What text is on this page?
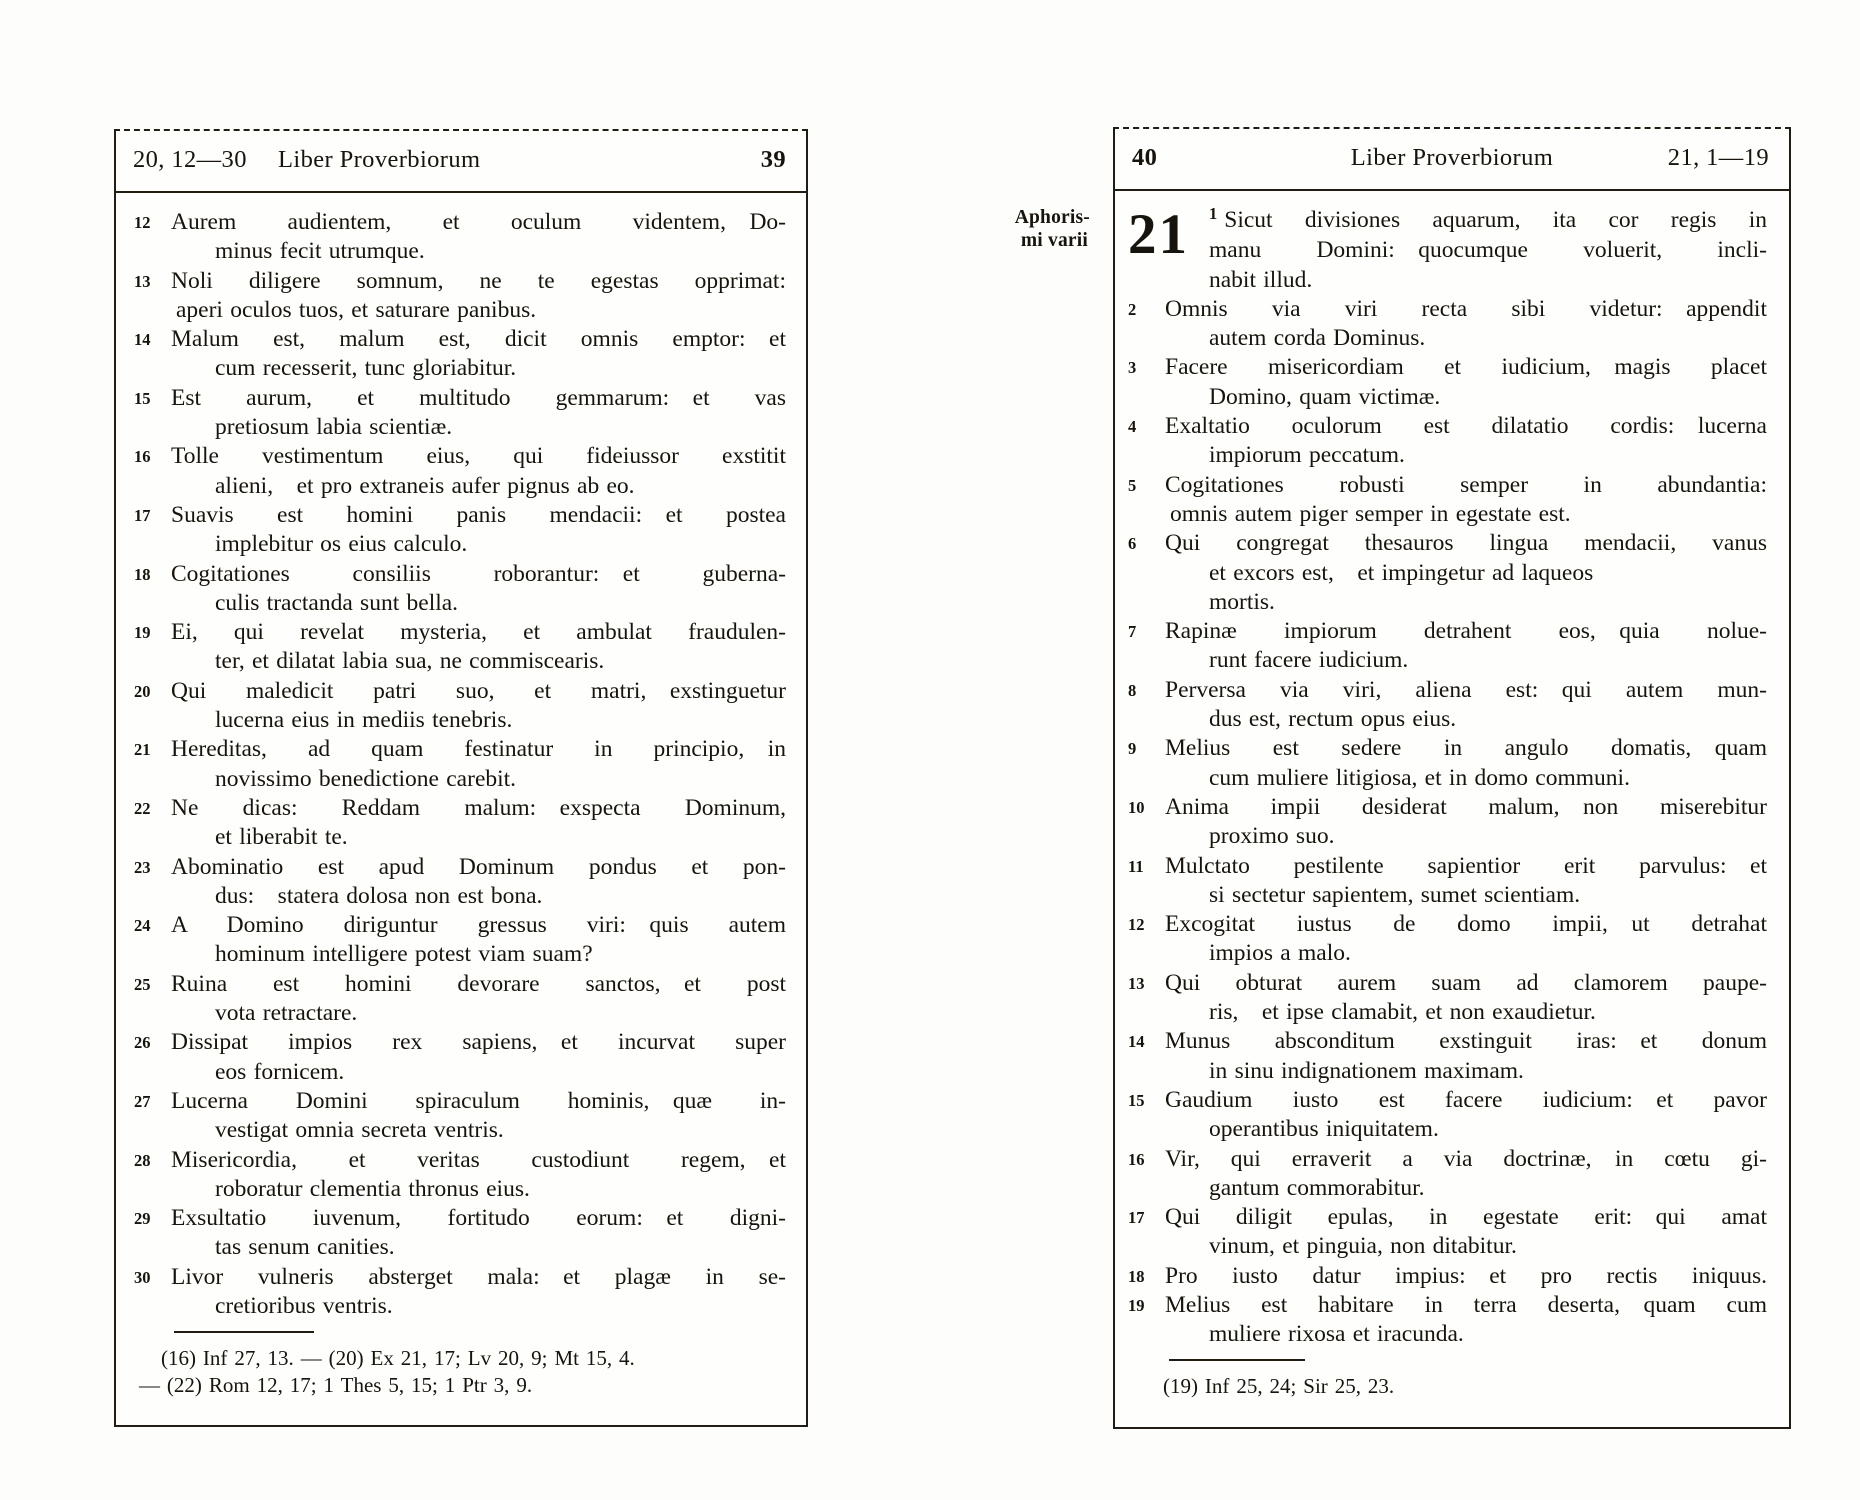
20, 12—30 Liber Proverbiorum	39
12 Aurem audientem, et oculum videntem,  Do-
minus fecit utrumque.
13 Noli diligere somnum, ne te egestas opprimat:
aperi oculos tuos, et saturare panibus.
14 Malum est, malum est, dicit omnis emptor:  et
cum recesserit, tunc gloriabitur.
15 Est aurum, et multitudo gemmarum:  et vas
pretiosum labia scientiæ.
16 Tolle vestimentum eius, qui fideiussor exstitit
alieni,  et pro extraneis aufer pignus ab eo.
17 Suavis est homini panis mendacii:  et postea
implebitur os eius calculo.
18 Cogitationes consiliis roborantur:  et guberna-
culis tractanda sunt bella.
19 Ei, qui revelat mysteria, et ambulat fraudulen-
ter, et dilatat labia sua, ne commiscearis.
20 Qui maledicit patri suo, et matri,  exstinguetur
lucerna eius in mediis tenebris.
21 Hereditas, ad quam festinatur in principio,  in
novissimo benedictione carebit.
22 Ne dicas: Reddam malum:  exspecta Dominum,
et liberabit te.
23 Abominatio est apud Dominum pondus et pon-
dus:  statera dolosa non est bona.
24 A Domino diriguntur gressus viri:  quis autem
hominum intelligere potest viam suam?
25 Ruina est homini devorare sanctos,  et post
vota retractare.
26 Dissipat impios rex sapiens,  et incurvat super
eos fornicem.
27 Lucerna Domini spiraculum hominis,  quæ in-
vestigat omnia secreta ventris.
28 Misericordia, et veritas custodiunt regem,  et
roboratur clementia thronus eius.
29 Exsultatio iuvenum, fortitudo eorum:  et digni-
tas senum canities.
30 Livor vulneris absterget mala:  et plagæ in se-
cretioribus ventris.
(16) Inf 27, 13. — (20) Ex 21, 17; Lv 20, 9; Mt 15, 4.
— (22) Rom 12, 17; 1 Thes 5, 15; 1 Ptr 3, 9.
Aphoris-
mi varii
40	Liber Proverbiorum	21, 1—19
21	$^1$ Sicut divisiones aquarum, ita cor regis in
manu Domini:  quocumque voluerit, incli-
nabit illud.
2	Omnis via viri recta sibi videtur:  appendit
autem corda Dominus.
3	Facere misericordiam et iudicium,  magis placet
Domino, quam victimæ.
4	Exaltatio oculorum est dilatatio cordis:  lucerna
impiorum peccatum.
5	Cogitationes robusti semper in abundantia:
omnis autem piger semper in egestate est.
6	Qui congregat thesauros lingua mendacii, vanus
et excors est,  et impingetur ad laqueos
mortis.
7	Rapinæ impiorum detrahent eos,  quia nolue-
runt facere iudicium.
8	Perversa via viri, aliena est:  qui autem mun-
dus est, rectum opus eius.
9	Melius est sedere in angulo domatis,  quam
cum muliere litigiosa, et in domo communi.
10 Anima impii desiderat malum,  non miserebitur
proximo suo.
11 Mulctato pestilente sapientior erit parvulus:  et
si sectetur sapientem, sumet scientiam.
12 Excogitat iustus de domo impii,  ut detrahat
impios a malo.
13 Qui obturat aurem suam ad clamorem paupe-
ris,  et ipse clamabit, et non exaudietur.
14 Munus absconditum exstinguit iras:  et donum
in sinu indignationem maximam.
15 Gaudium iusto est facere iudicium:  et pavor
operantibus iniquitatem.
16 Vir, qui erraverit a via doctrinæ,  in cœtu gi-
gantum commorabitur.
17 Qui diligit epulas, in egestate erit:  qui amat
vinum, et pinguia, non ditabitur.
18 Pro iusto datur impius:  et pro rectis iniquus.
19 Melius est habitare in terra deserta,  quam cum
muliere rixosa et iracunda.
(19) Inf 25, 24; Sir 25, 23.
